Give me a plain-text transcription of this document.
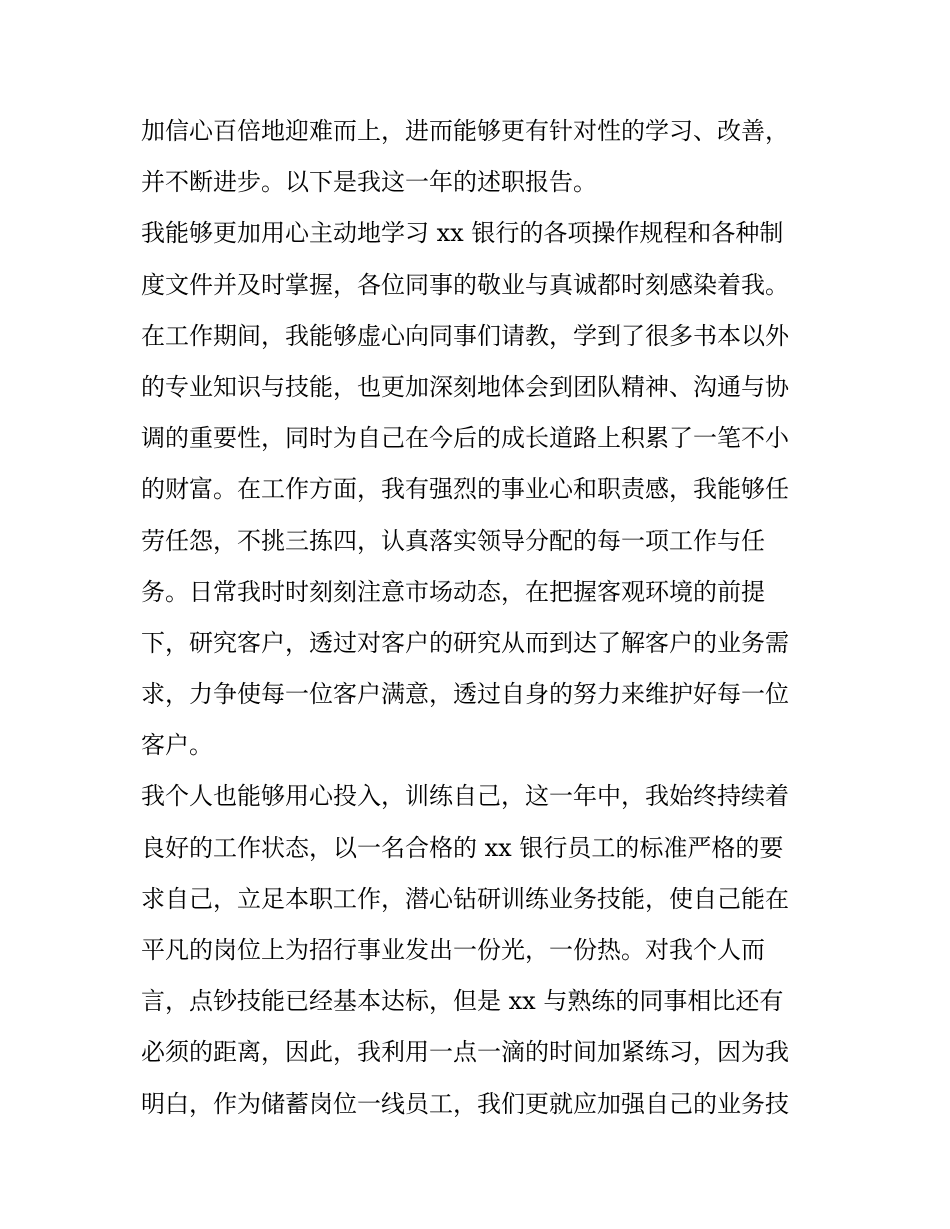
加信心百倍地迎难而上，进而能够更有针对性的学习、改善，
并不断进步。以下是我这一年的述职报告。
我能够更加用心主动地学习 xx 银行的各项操作规程和各种制
度文件并及时掌握，各位同事的敬业与真诚都时刻感染着我。
在工作期间，我能够虚心向同事们请教，学到了很多书本以外
的专业知识与技能，也更加深刻地体会到团队精神、沟通与协
调的重要性，同时为自己在今后的成长道路上积累了一笔不小
的财富。在工作方面，我有强烈的事业心和职责感，我能够任
劳任怨，不挑三拣四，认真落实领导分配的每一项工作与任
务。日常我时时刻刻注意市场动态，在把握客观环境的前提
下，研究客户，透过对客户的研究从而到达了解客户的业务需
求，力争使每一位客户满意，透过自身的努力来维护好每一位
客户。
我个人也能够用心投入，训练自己，这一年中，我始终持续着
良好的工作状态，以一名合格的 xx 银行员工的标准严格的要
求自己，立足本职工作，潜心钻研训练业务技能，使自己能在
平凡的岗位上为招行事业发出一份光，一份热。对我个人而
言，点钞技能已经基本达标，但是 xx 与熟练的同事相比还有
必须的距离，因此，我利用一点一滴的时间加紧练习，因为我
明白，作为储蓄岗位一线员工，我们更就应加强自己的业务技
